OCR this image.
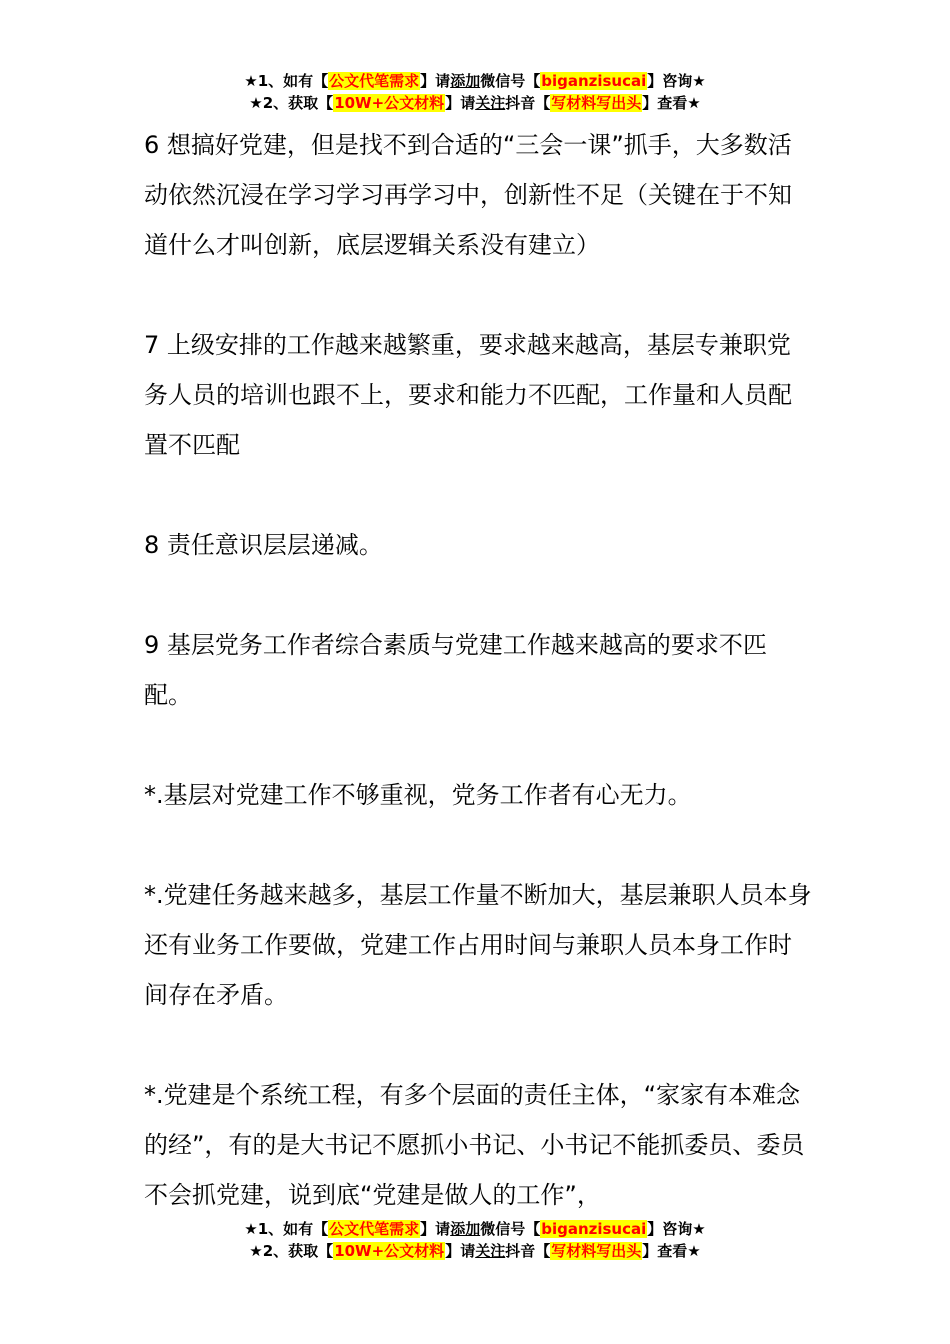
★1、如有【公文代笔需求】请添加微信号【biganzisucai】咨询★
★2、获取【10W+公文材料】请关注抖音【写材料写出头】查看★

6 想搞好党建，但是找不到合适的“三会一课”抓手，大多数活动依然沉浸在学习学习再学习中，创新性不足（关键在于不知道什么才叫创新，底层逻辑关系没有建立）

7 上级安排的工作越来越繁重，要求越来越高，基层专兼职党务人员的培训也跟不上，要求和能力不匹配，工作量和人员配置不匹配

8 责任意识层层递减。

9 基层党务工作者综合素质与党建工作越来越高的要求不匹配。

*.基层对党建工作不够重视，党务工作者有心无力。

*.党建任务越来越多，基层工作量不断加大，基层兼职人员本身还有业务工作要做，党建工作占用时间与兼职人员本身工作时间存在矛盾。

*.党建是个系统工程，有多个层面的责任主体，“家家有本难念的经”，有的是大书记不愿抓小书记、小书记不能抓委员、委员不会抓党建，说到底“党建是做人的工作”，

★1、如有【公文代笔需求】请添加微信号【biganzisucai】咨询★
★2、获取【10W+公文材料】请关注抖音【写材料写出头】查看★
